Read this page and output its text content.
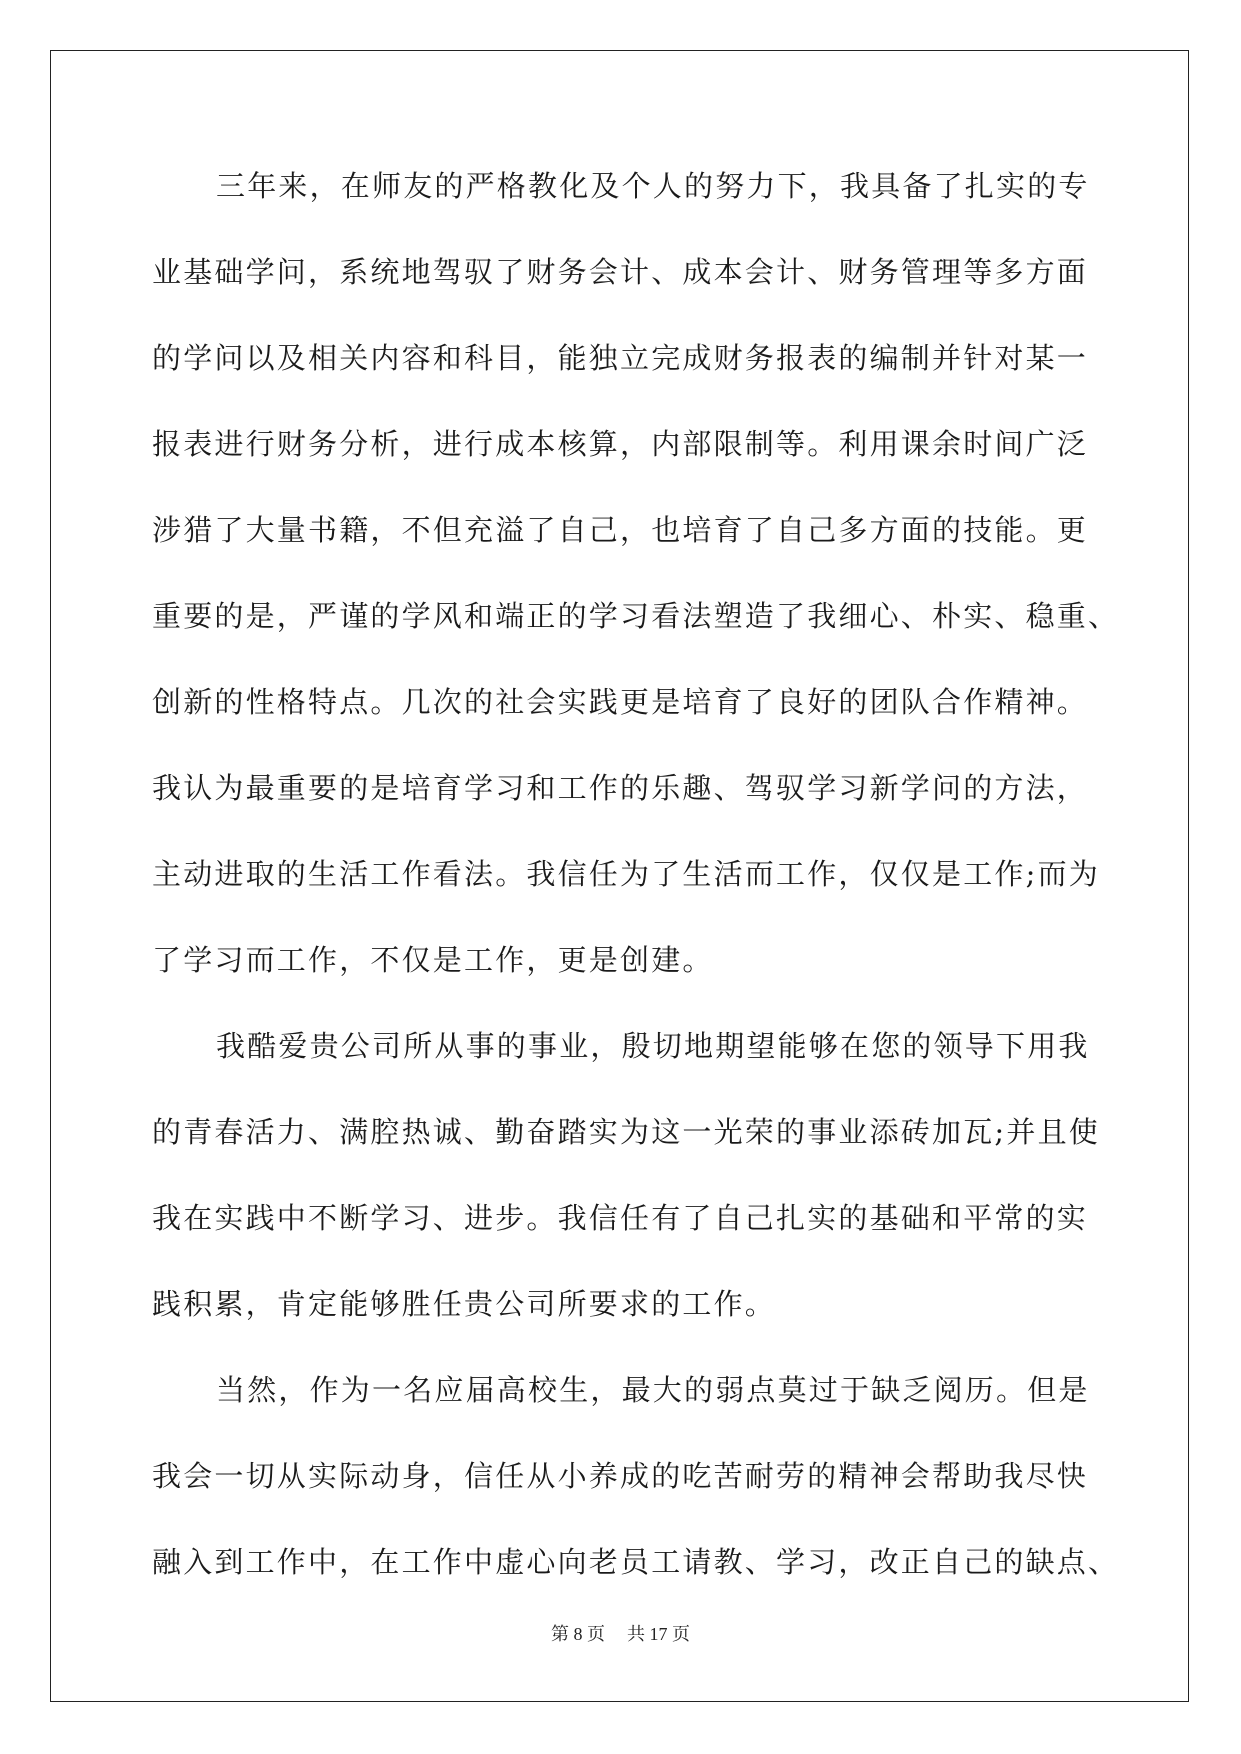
三年来，在师友的严格教化及个人的努力下，我具备了扎实的专
业基础学问，系统地驾驭了财务会计、成本会计、财务管理等多方面
的学问以及相关内容和科目，能独立完成财务报表的编制并针对某一
报表进行财务分析，进行成本核算，内部限制等。利用课余时间广泛
涉猎了大量书籍，不但充溢了自己，也培育了自己多方面的技能。更
重要的是，严谨的学风和端正的学习看法塑造了我细心、朴实、稳重、
创新的性格特点。几次的社会实践更是培育了良好的团队合作精神。
我认为最重要的是培育学习和工作的乐趣、驾驭学习新学问的方法，
主动进取的生活工作看法。我信任为了生活而工作，仅仅是工作;而为
了学习而工作，不仅是工作，更是创建。
我酷爱贵公司所从事的事业，殷切地期望能够在您的领导下用我
的青春活力、满腔热诚、勤奋踏实为这一光荣的事业添砖加瓦;并且使
我在实践中不断学习、进步。我信任有了自己扎实的基础和平常的实
践积累，肯定能够胜任贵公司所要求的工作。
当然，作为一名应届高校生，最大的弱点莫过于缺乏阅历。但是
我会一切从实际动身，信任从小养成的吃苦耐劳的精神会帮助我尽快
融入到工作中，在工作中虚心向老员工请教、学习，改正自己的缺点、
第 8 页 共 17 页
